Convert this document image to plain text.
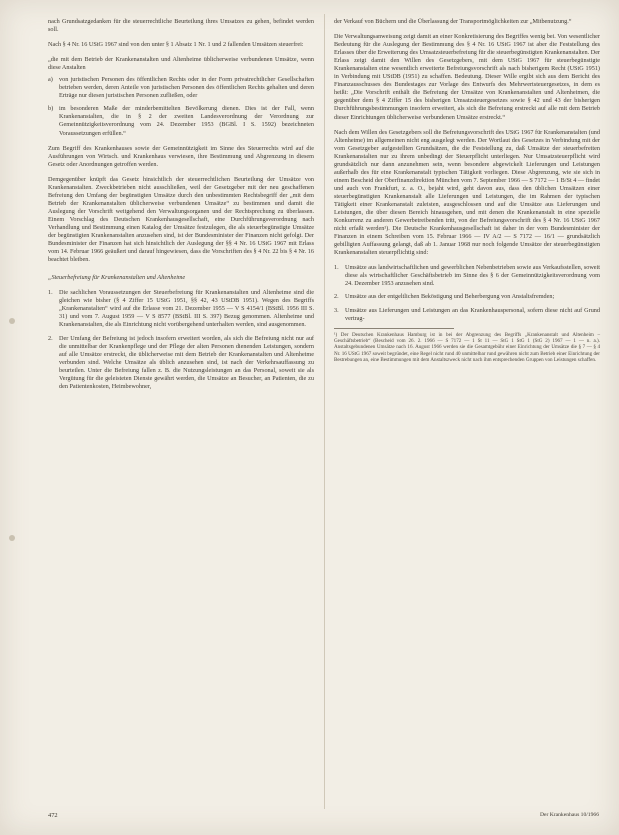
nach Grundsatzgedanken für die steuerrechtliche Beurteilung ihres Umsatzes zu gehen, befindet werden soll.

Nach § 4 Nr. 16 UStG 1967 sind von den unter § 1 Absatz 1 Nr. 1 und 2 fallenden Umsätzen steuerfrei:

„die mit dem Betrieb der Krankenanstalten und Altenheime üblicherweise verbundenen Umsätze, wenn diese Anstalten

a) von juristischen Personen des öffentlichen Rechts oder in der Form privatrechtlicher Gesellschaften betrieben werden, deren Anteile von juristischen Personen des öffentlichen Rechts gehalten und deren Erträge nur diesen juristischen Personen zufließen, oder
b) im besonderen Maße der minderbemittelten Bevölkerung dienen. Dies ist der Fall, wenn Krankenanstalten, die in § 2 der zweiten Landesverordnung der Verordnung zur Gemeinnützigkeitsverordnung vom 24. Dezember 1953 (BGBl. I S. 1592) bezeichneten Voraussetzungen erfüllen.“

Zum Begriff des Krankenhauses sowie der Gemeinnützigkeit im Sinne des Steuerrechts wird auf die Ausführungen von Wirtsch. und Krankenhaus verwiesen, ihre Bestimmung und Abgrenzung in diesem Gesetz oder Anordnungen getroffen werden.

Demgegenüber knüpft das Gesetz hinsichtlich der steuerrechtlichen Beurteilung der Umsätze von Krankenanstalten. Zweckbetrieben nicht ausschließen, weil der Gesetzgeber mit der neu geschaffenen Befreiung den Umfang der begünstigten Umsätze durch den unbestimmten Rechtsbegriff der „mit dem Betrieb der Krankenanstalten üblicherweise verbundenen Umsätze“ zu bestimmen und damit die Auslegung der Vorschrift weitgehend den Verwaltungsorganen und der Rechtsprechung zu überlassen. Einem Vorschlag des Deutschen Krankenhausgesellschaft, eine Durchführungsverordnung nach Verhandlung und Bestimmung einen Katalog der Umsätze festzulegen, die als steuerbegünstigte Umsätze der begünstigten Krankenanstalten anzusehen sind, ist der Bundesminister der Finanzen nicht gefolgt. Der Bundesminister der Finanzen hat sich hinsichtlich der Auslegung der §§ 4 Nr. 16 UStG 1967 mit Erlass vom 14. Februar 1966 geäußert und darauf hingewiesen, dass die Vorschriften des § 4 Nr. 22 bis § 4 Nr. 16 beachtet bleiben.

„Steuerbefreiung für Krankenanstalten und Altenheime

1. Die sachlichen Voraussetzungen der Steuerbefreiung für Krankenanstalten und Altenheime sind die gleichen wie bisher (§ 4 Ziffer 15 UStG 1951, §§ 42, 43 UStDB 1951). Wegen des Begriffs „Krankenanstalten“ wird auf die Erlasse vom 21. Dezember 1955 — V S 4154/1 (BStBl. 1956 III S. 31) und vom 7. August 1959 — V S 8577 (BStBl. III S. 397) Bezug genommen. Altenheime und Krankenanstalten, die als Einrichtung nicht vorübergehend unterhalten werden, sind ausgenommen.
2. Der Umfang der Befreiung ist jedoch insofern erweitert worden, als sich die Befreiung nicht nur auf die unmittelbar der Krankenpflege und der Pflege der alten Personen dienenden Leistungen, sondern auf alle Umsätze erstreckt, die üblicherweise mit dem Betrieb der Krankenanstalten und Altenheime verbunden sind. Welche Umsätze als üblich anzusehen sind, ist nach der Verkehrsauffassung zu beurteilen. Unter die Befreiung fallen z. B. die Nutzungsleistungen an das Personal, soweit sie als Vergütung für die geleisteten Dienste gewährt werden, die Umsätze an Besucher, an Patienten, die zu den Patientenkosten, Heimbewohner,

der Verkauf von Büchern und die Überlassung der Transportmöglichkeiten zur „Mitbenutzung.“

Die Verwaltungsanweisung zeigt damit an einer Konkretisierung des Begriffes wenig bei. Von wesentlicher Bedeutung für die Auslegung der Bestimmung des § 4 Nr. 16 UStG 1967 ist aber die Feststellung des Erlasses über die Erweiterung des Umsatzsteuerbefreiung für die steuerbegünstigten Krankenanstalten. Der Erlass zeigt damit den Willen des Gesetzgebers, mit dem UStG 1967 für steuerbegünstigte Krankenanstalten eine wesentlich erweiterte Befreiungsvorschrift als nach bisherigem Recht (UStG 1951) in Verbindung mit UStDB (1951) zu schaffen. Bedeutung. Dieser Wille ergibt sich aus dem Bericht des Finanzausschusses des Bundestages zur Vorlage des Entwurfs des Mehrwertsteuergesetzes, in dem es heißt: „Die Vorschrift enthält die Befreiung der Umsätze von Krankenanstalten und Altenheimen, die gegenüber dem § 4 Ziffer 15 des bisherigen Umsatzsteuergesetzes sowie § 42 und 43 der bisherigen Durchführungsbestimmungen insofern erweitert, als sich die Befreiung erstreckt auf alle mit dem Betrieb dieser Einrichtungen üblicherweise verbundenen Umsätze erstreckt.“

Nach dem Willen des Gesetzgebers soll die Befreiungsvorschrift des UStG 1967 für Krankenanstalten (und Altenheime) im allgemeinen nicht eng ausgelegt werden. Der Wortlaut des Gesetzes in Verbindung mit der vom Gesetzgeber aufgestellten Grundsätzen, die die Feststellung zu, daß Umsätze der steuerbefreiten Krankenanstalten nur zu ihrem unbedingt der Steuerpflicht unterliegen. Nur Umsatzsteuerpflicht wird grundsätzlich nur dann anzunehmen sein, wenn besondere abgewickelt Lieferungen und Leistungen außerhalb des für eine Krankenanstalt typischen Tätigkeit vorliegen. Diese Abgrenzung, wie sie sich in einem Bescheid der Oberfinanzdirektion München vom 7. September 1966 — S 7172 — 1 B/St 4 — findet und auch von Frankfurt, z. a. O., bejaht wird, geht davon aus, dass den üblichen Umsätzen einer steuerbegünstigten Krankenanstalt alle Lieferungen und Leistungen, die im Rahmen der typischen Tätigkeit einer Krankenanstalt zuleisten, ausgeschlossen und auf die Umsätze aus Lieferungen und Leistungen, die über diesen Bereich hinausgehen, und mit denen die Krankenanstalt in eine spezielle Konkurrenz zu anderen Gewerbetreibenden tritt, von der Befreiungsvorschrift des § 4 Nr. 16 UStG 1967 nicht erfaßt werden¹). Die Deutsche Krankenhausgesellschaft ist daher in der vom Bundesminister der Finanzen in einem Schreiben vom 15. Februar 1966 — IV A/2 — S 7172 — 16/1 — grundsätzlich gebilligten Auffassung gelangt, daß ab 1. Januar 1968 nur noch folgende Umsätze der steuerbegünstigten Krankenanstalten steuerpflichtig sind:

1. Umsätze aus landwirtschaftlichen und gewerblichen Nebenbetrieben sowie aus Verkaufsstellen, soweit diese als wirtschaftlicher Geschäftsbetrieb im Sinne des § 6 der Gemeinnützigkeitsverordnung vom 24. Dezember 1953 anzusehen sind.
2. Umsätze aus der entgeltlichen Beköstigung und Beherbergung von Anstaltsfremden;
3. Umsätze aus Lieferungen und Leistungen an das Krankenhauspersonal, sofern diese nicht auf Grund vertrag-
¹) Der Deutschen Krankenhaus Hamburg ist in bei der Abgrenzung des Begriffs „Krankenanstalt und Altenheim – Geschäftsbetrieb“ (Bescheid vom 26. 2. 1966 — S 7172 — 1 St 11 — StG 1 StG 1 (StG 2) 1967 — 1 — n. a.). Anstaltsgebundenen Umsätze nach 16. August 1966 werden sie die Gesamtgebühr einer Einrichtung der Umsätze die § 7 — § 4 Nr. 16 UStG 1967 soweit begründet, eine Regel nicht rund 40 unmittelbar rund gewähren nicht zum Betrieb einer Einrichtung der Bestrebungen an, eine Bestimmungen mit dem Anstaltszweck nicht nach ihm entsprechenden Gruppen von Leistungen schaffen.
472	Der Krankenhaus 10/1966
